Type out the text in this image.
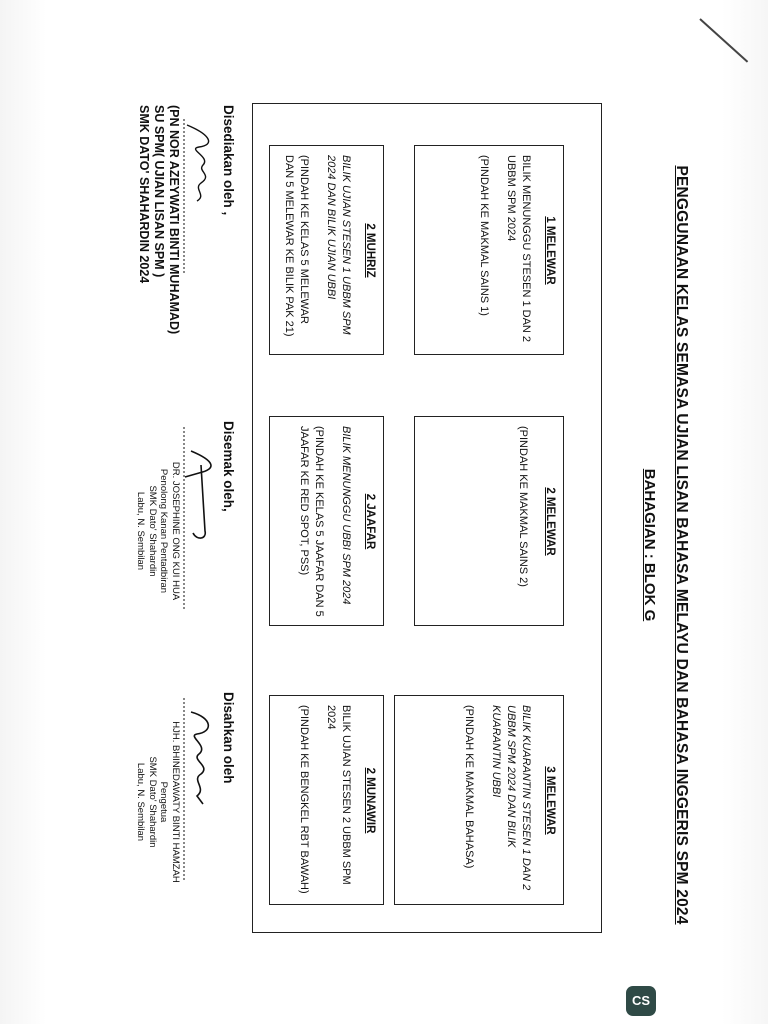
PENGGUNAAN KELAS SEMASA UJIAN LISAN BAHASA MELAYU DAN BAHASA INGGERIS SPM 2024
BAHAGIAN : BLOK G
1 MELEWAR
BILIK MENUNGGU STESEN 1 DAN 2 UBBM SPM 2024
(PINDAH KE MAKMAL SAINS 1)
2 MELEWAR
(PINDAH KE MAKMAL SAINS 2)
3 MELEWAR
BILIK KUARANTIN STESEN 1 DAN 2 UBBM SPM 2024 DAN BILIK KUARANTIN UBBI
(PINDAH KE MAKMAL BAHASA)
2 MUHRIZ
BILIK UJIAN STESEN 1 UBBM SPM 2024 DAN BILIK UJIAN UBBI
(PINDAH KE KELAS 5 MELEWAR DAN 5 MELEWAR KE BILIK PAK 21)
2 JAAFAR
BILIK MENUNGGU UBBI SPM 2024
(PINDAH KE KELAS 5 JAAFAR DAN 5 JAAFAR KE RED SPOT, PSS)
2 MUNAWIR
BILIK UJIAN STESEN 2 UBBM SPM 2024
(PINDAH KE BENGKEL RBT BAWAH)
Disediakan oleh ,
(PN NOR AZEYWATI BINTI MUHAMAD)
SU SPM( UJIAN LISAN SPM )
SMK DATO' SHAHARDIN 2024
Disemak oleh,
DR. JOSEPHINE ONG KUI HUA
Penolong Kanan Pentadbiran
SMK Dato' Shahardin
Labu, N. Sembilan
Disahkan oleh
HJH. BHINEDAWATY BINTI HAMZAH
Pengetua
SMK Dato' Shahardin
Labu, N. Sembilan
CS
